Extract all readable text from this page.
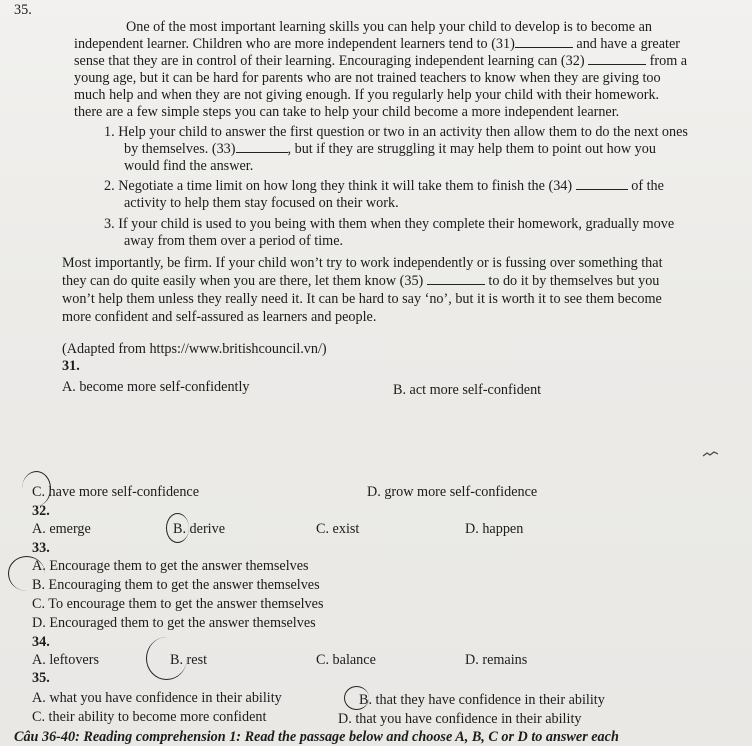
35.
One of the most important learning skills you can help your child to develop is to become an
independent learner. Children who are more independent learners tend to (31)	and have a greater
sense that they are in control of their learning. Encouraging independent learning can (32)	from a
young age, but it can be hard for parents who are not trained teachers to know when they are giving too
much help and when they are not giving enough. If you regularly help your child with their homework.
there are a few simple steps you can take to help your child become a more independent learner.
1. Help your child to answer the first question or two in an activity then allow them to do the next ones
by themselves. (33)	, but if they are struggling it may help them to point out how you
would find the answer.
2. Negotiate a time limit on how long they think it will take them to finish the (34)	of the
activity to help them stay focused on their work.
3. If your child is used to you being with them when they complete their homework, gradually move
away from them over a period of time.
Most importantly, be firm. If your child won’t try to work independently or is fussing over something that
they can do quite easily when you are there, let them know (35)	to do it by themselves but you
won’t help them unless they really need it. It can be hard to say ‘no’, but it is worth it to see them become
more confident and self-assured as learners and people.
(Adapted from https://www.britishcouncil.vn/)
31.
A. become more self-confidently	B. act more self-confident
C. have more self-confidence	D. grow more self-confidence
32.
A. emerge	B. derive	C. exist	D. happen
33.
A. Encourage them to get the answer themselves
B. Encouraging them to get the answer themselves
C. To encourage them to get the answer themselves
D. Encouraged them to get the answer themselves
34.
A. leftovers	B. rest	C. balance	D. remains
35.
A. what you have confidence in their ability	B. that they have confidence in their ability
C. their ability to become more confident	D. that you have confidence in their ability
Câu 36-40: Reading comprehension 1: Read the passage below and choose A, B, C or D to answer each
